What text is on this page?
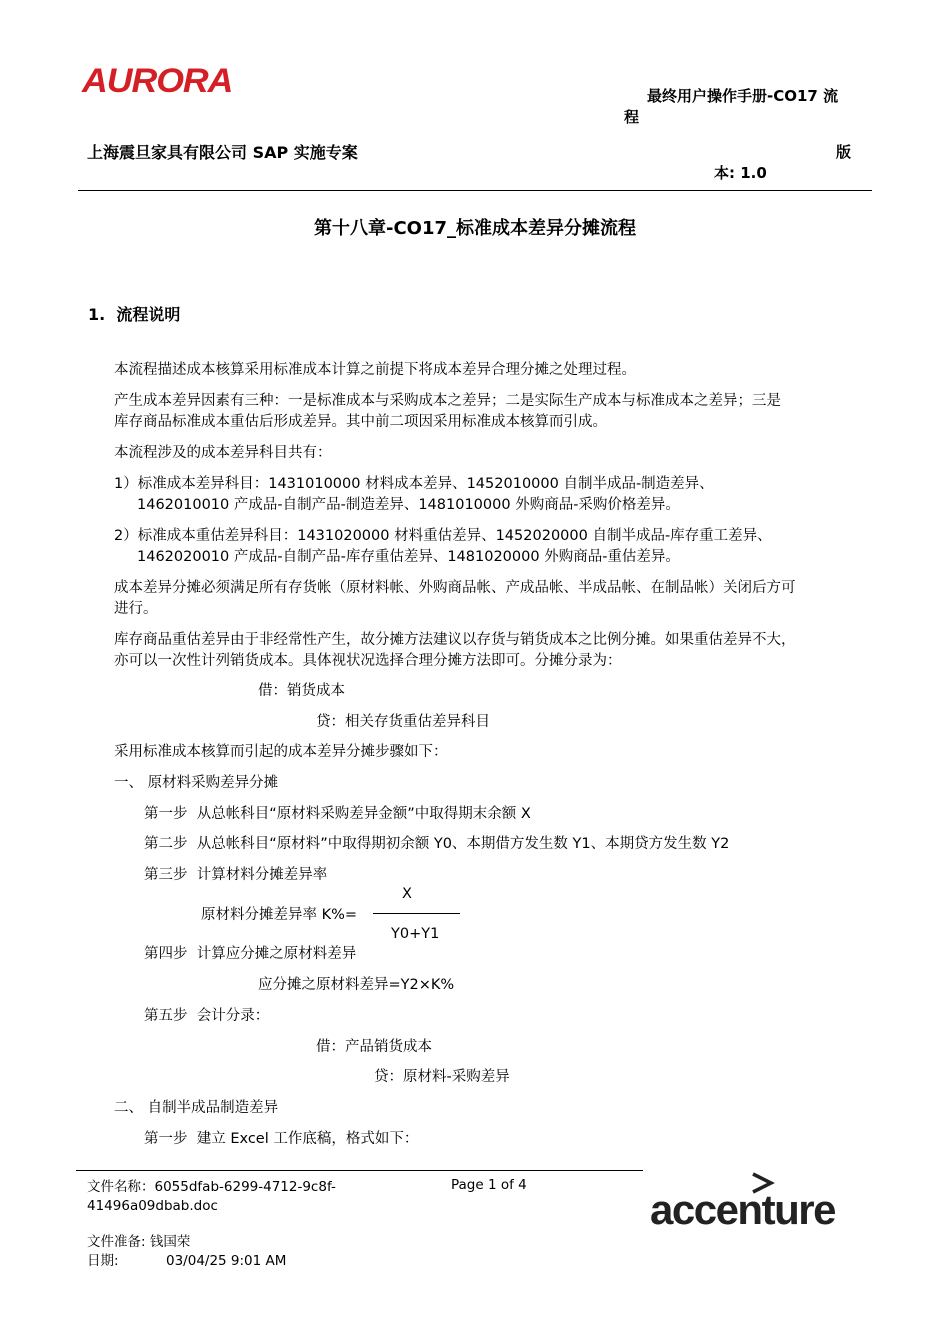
AURORA	最终用户操作手册-CO17 流
程
上海震旦家具有限公司 SAP 实施专案	版
本: 1.0
第十八章-CO17_标准成本差异分摊流程
1. 流程说明
本流程描述成本核算采用标准成本计算之前提下将成本差异合理分摊之处理过程。
产生成本差异因素有三种：一是标准成本与采购成本之差异；二是实际生产成本与标准成本之差异；三是
库存商品标准成本重估后形成差异。其中前二项因采用标准成本核算而引成。
本流程涉及的成本差异科目共有：
1）标准成本差异科目：1431010000 材料成本差异、1452010000 自制半成品-制造差异、
1462010010 产成品-自制产品-制造差异、1481010000 外购商品-采购价格差异。
2）标准成本重估差异科目：1431020000 材料重估差异、1452020000 自制半成品-库存重工差异、
1462020010 产成品-自制产品-库存重估差异、1481020000 外购商品-重估差异。
成本差异分摊必须满足所有存货帐（原材料帐、外购商品帐、产成品帐、半成品帐、在制品帐）关闭后方可
进行。
库存商品重估差异由于非经常性产生，故分摊方法建议以存货与销货成本之比例分摊。如果重估差异不大，
亦可以一次性计列销货成本。具体视状况选择合理分摊方法即可。分摊分录为：
借：销货成本
贷：相关存货重估差异科目
采用标准成本核算而引起的成本差异分摊步骤如下：
一、 原材料采购差异分摊
第一步  从总帐科目“原材料采购差异金额”中取得期末余额 X
第二步  从总帐科目“原材料”中取得期初余额 Y0、本期借方发生数 Y1、本期贷方发生数 Y2
第三步  计算材料分摊差异率
X
原材料分摊差异率 K%=
Y0+Y1
第四步  计算应分摊之原材料差异
应分摊之原材料差异=Y2×K%
第五步  会计分录：
借：产品销货成本
贷：原材料-采购差异
二、 自制半成品制造差异
第一步  建立 Excel 工作底稿，格式如下：
文件名称：6055dfab-6299-4712-9c8f-
41496a09dbab.doc
Page 1 of 4
文件准备: 钱国荣
日期:	03/04/25 9:01 AM
accenture
